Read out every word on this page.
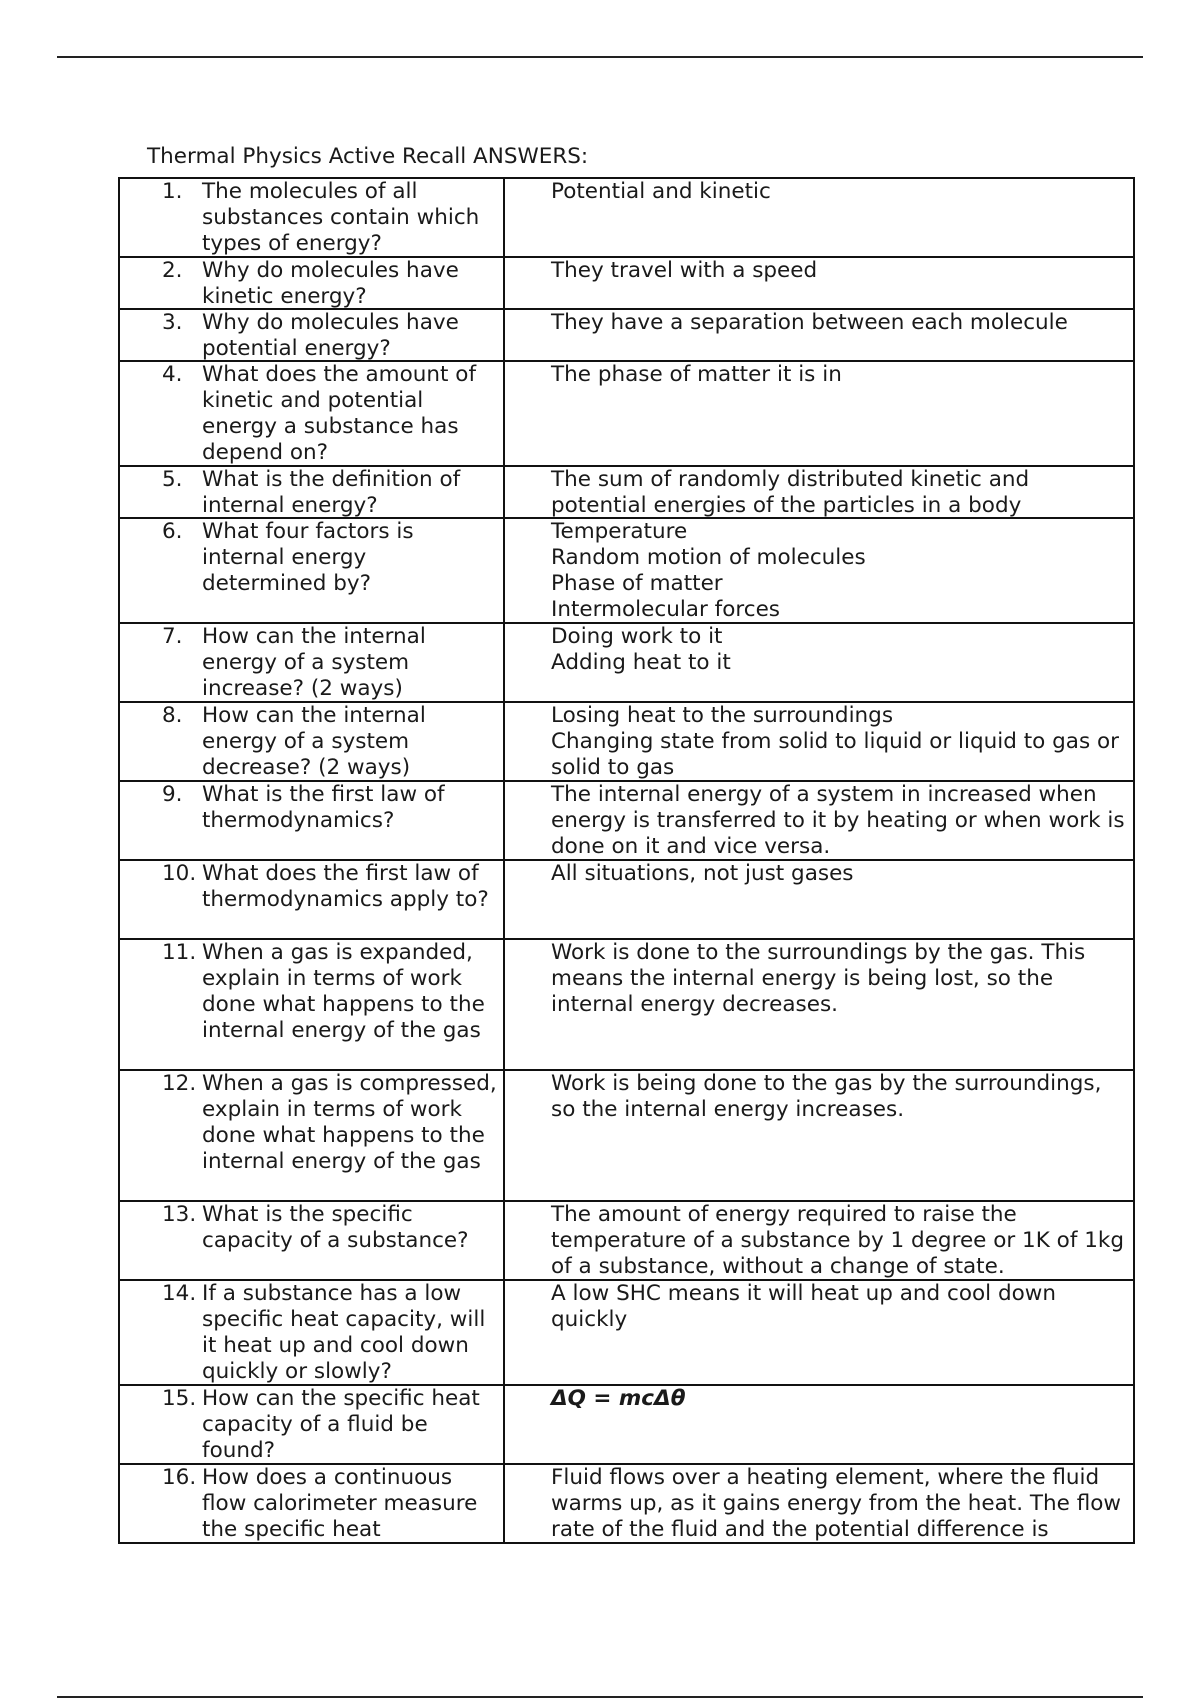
Thermal Physics Active Recall ANSWERS:
1. The molecules of all substances contain which types of energy?	Potential and kinetic

2. Why do molecules have kinetic energy?	They travel with a speed

3. Why do molecules have potential energy?	They have a separation between each molecule

4. What does the amount of kinetic and potential energy a substance has depend on?	The phase of matter it is in

5. What is the definition of internal energy?	The sum of randomly distributed kinetic and potential energies of the particles in a body

6. What four factors is internal energy determined by?	Temperature
Random motion of molecules
Phase of matter
Intermolecular forces

7. How can the internal energy of a system increase? (2 ways)	Doing work to it
Adding heat to it

8. How can the internal energy of a system decrease? (2 ways)	Losing heat to the surroundings
Changing state from solid to liquid or liquid to gas or solid to gas

9. What is the first law of thermodynamics?	The internal energy of a system in increased when energy is transferred to it by heating or when work is done on it and vice versa.

10. What does the first law of thermodynamics apply to?	All situations, not just gases

11. When a gas is expanded, explain in terms of work done what happens to the internal energy of the gas	Work is done to the surroundings by the gas. This means the internal energy is being lost, so the internal energy decreases.

12. When a gas is compressed, explain in terms of work done what happens to the internal energy of the gas	Work is being done to the gas by the surroundings, so the internal energy increases.

13. What is the specific capacity of a substance?	The amount of energy required to raise the temperature of a substance by 1 degree or 1K of 1kg of a substance, without a change of state.

14. If a substance has a low specific heat capacity, will it heat up and cool down quickly or slowly?	A low SHC means it will heat up and cool down quickly

15. How can the specific heat capacity of a fluid be found?	ΔQ = mcΔθ

16. How does a continuous flow calorimeter measure the specific heat	Fluid flows over a heating element, where the fluid warms up, as it gains energy from the heat. The flow rate of the fluid and the potential difference is
